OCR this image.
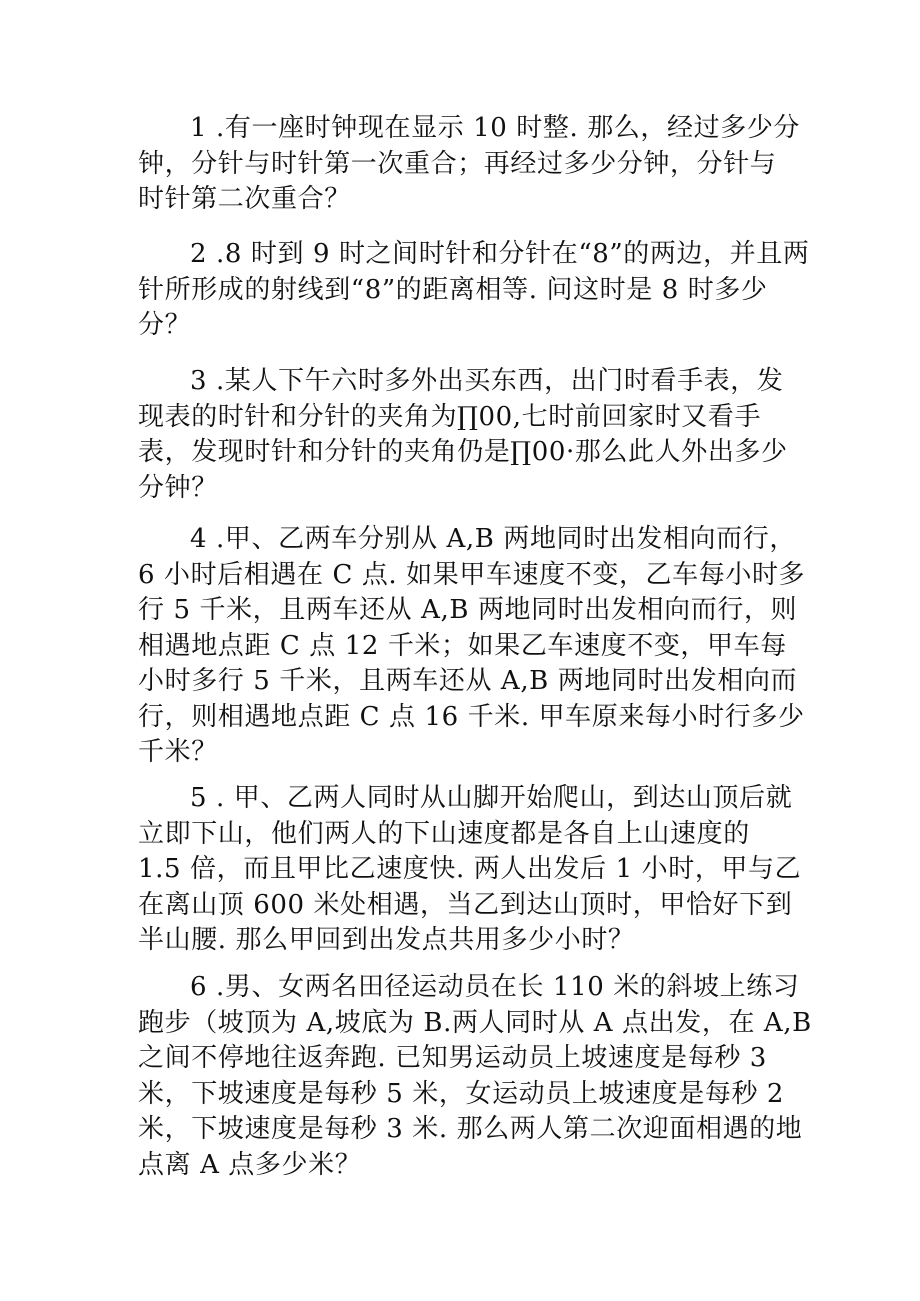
1 .有一座时钟现在显示 10 时整. 那么，经过多少分
钟，分针与时针第一次重合；再经过多少分钟，分针与
时针第二次重合？
2 .8 时到 9 时之间时针和分针在“8”的两边，并且两
针所形成的射线到“8”的距离相等. 问这时是 8 时多少
分？
3 .某人下午六时多外出买东西，出门时看手表，发
现表的时针和分针的夹角为∏00,七时前回家时又看手
表，发现时针和分针的夹角仍是∏00·那么此人外出多少
分钟？
4 .甲、乙两车分别从 A,B 两地同时出发相向而行，
6 小时后相遇在 C 点. 如果甲车速度不变，乙车每小时多
行 5 千米，且两车还从 A,B 两地同时出发相向而行，则
相遇地点距 C 点 12 千米；如果乙车速度不变，甲车每
小时多行 5 千米，且两车还从 A,B 两地同时出发相向而
行，则相遇地点距 C 点 16 千米. 甲车原来每小时行多少
千米？
5 . 甲、乙两人同时从山脚开始爬山，到达山顶后就
立即下山，他们两人的下山速度都是各自上山速度的
1.5 倍，而且甲比乙速度快. 两人出发后 1 小时，甲与乙
在离山顶 600 米处相遇，当乙到达山顶时，甲恰好下到
半山腰. 那么甲回到出发点共用多少小时？
6 .男、女两名田径运动员在长 110 米的斜坡上练习
跑步（坡顶为 A,坡底为 B.两人同时从 A 点出发，在 A,B
之间不停地往返奔跑. 已知男运动员上坡速度是每秒 3
米，下坡速度是每秒 5 米，女运动员上坡速度是每秒 2
米，下坡速度是每秒 3 米. 那么两人第二次迎面相遇的地
点离 A 点多少米？
